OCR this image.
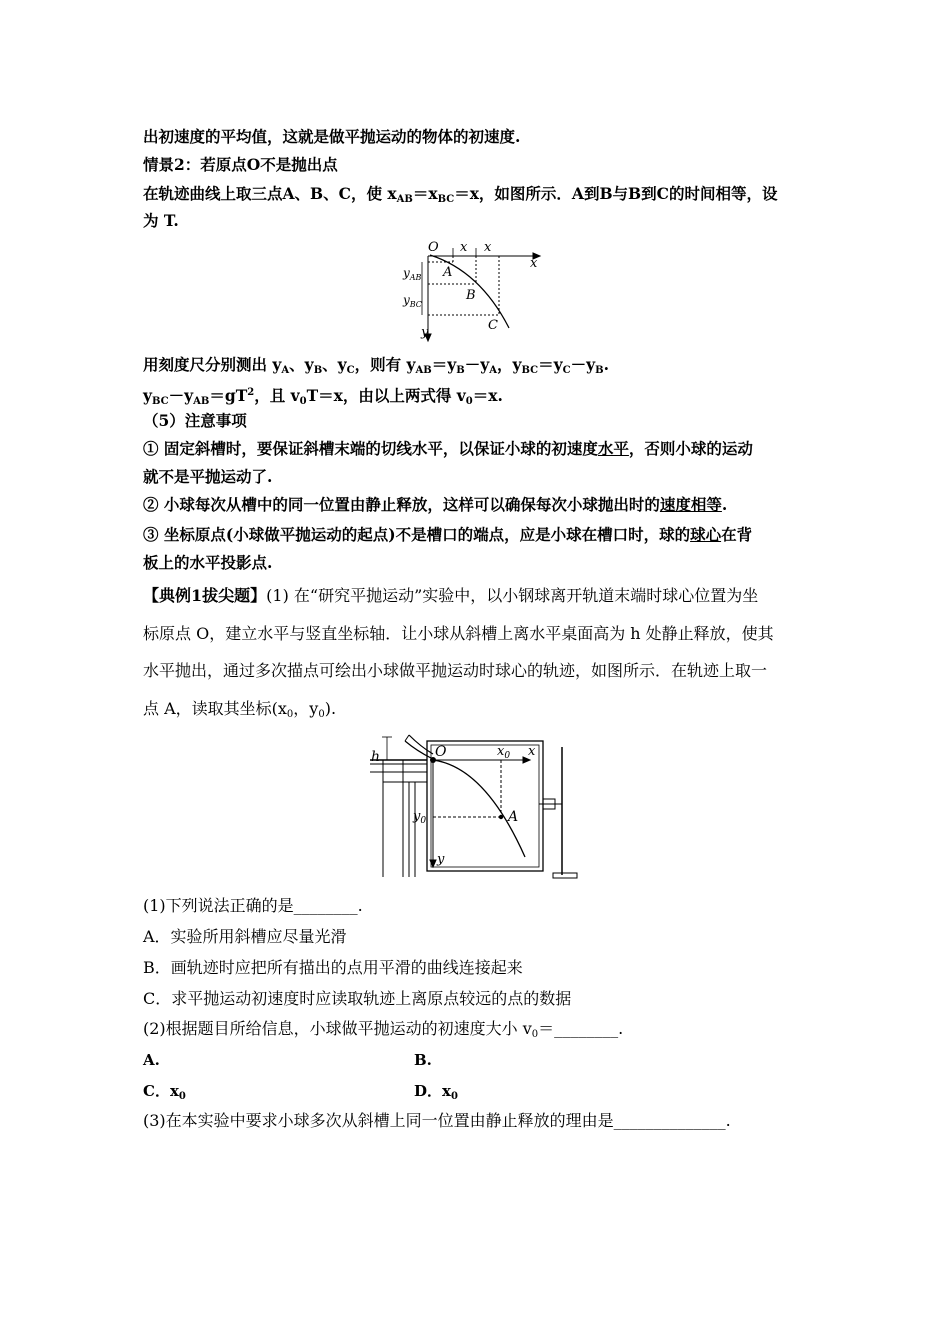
出初速度的平均值，这就是做平抛运动的物体的初速度.
情景2：若原点O不是抛出点
在轨迹曲线上取三点A、B、C，使 $x_{AB}=x_{BC}=x$，如图所示．A到B与B到C的时间相等，设
为 T.
O x x
x
y
A
B
C
$y_{AB}$
$y_{BC}$
用刻度尺分别测出 $y_A$、$y_B$、$y_C$，则有 $y_{AB}=y_B-y_A$，$y_{BC}=y_C-y_B$.
$y_{BC}-y_{AB}=gT^2$，且 $v_0T=x$，由以上两式得 $v_0=x$.
（5）注意事项
① 固定斜槽时，要保证斜槽末端的切线水平，以保证小球的初速度水平，否则小球的运动
就不是平抛运动了.
② 小球每次从槽中的同一位置由静止释放，这样可以确保每次小球抛出时的速度相等.
③ 坐标原点(小球做平抛运动的起点)不是槽口的端点，应是小球在槽口时，球的球心在背
板上的水平投影点.
【典例1拔尖题】(1) 在“研究平抛运动”实验中，以小钢球离开轨道末端时球心位置为坐
标原点 O，建立水平与竖直坐标轴．让小球从斜槽上离水平桌面高为 h 处静止释放，使其
水平抛出，通过多次描点可绘出小球做平抛运动时球心的轨迹，如图所示．在轨迹上取一
点 A，读取其坐标($x_0$，$y_0$).
h	O	$x_0$ x
$y_0$	A
y
(1)下列说法正确的是________.
A．实验所用斜槽应尽量光滑
B．画轨迹时应把所有描出的点用平滑的曲线连接起来
C．求平抛运动初速度时应读取轨迹上离原点较远的点的数据
(2)根据题目所给信息，小球做平抛运动的初速度大小 $v_0=\_\_\_\_\_\_\_\_$.
A.	B.
C．$x_0$	D．$x_0$
(3)在本实验中要求小球多次从斜槽上同一位置由静止释放的理由是______________.
